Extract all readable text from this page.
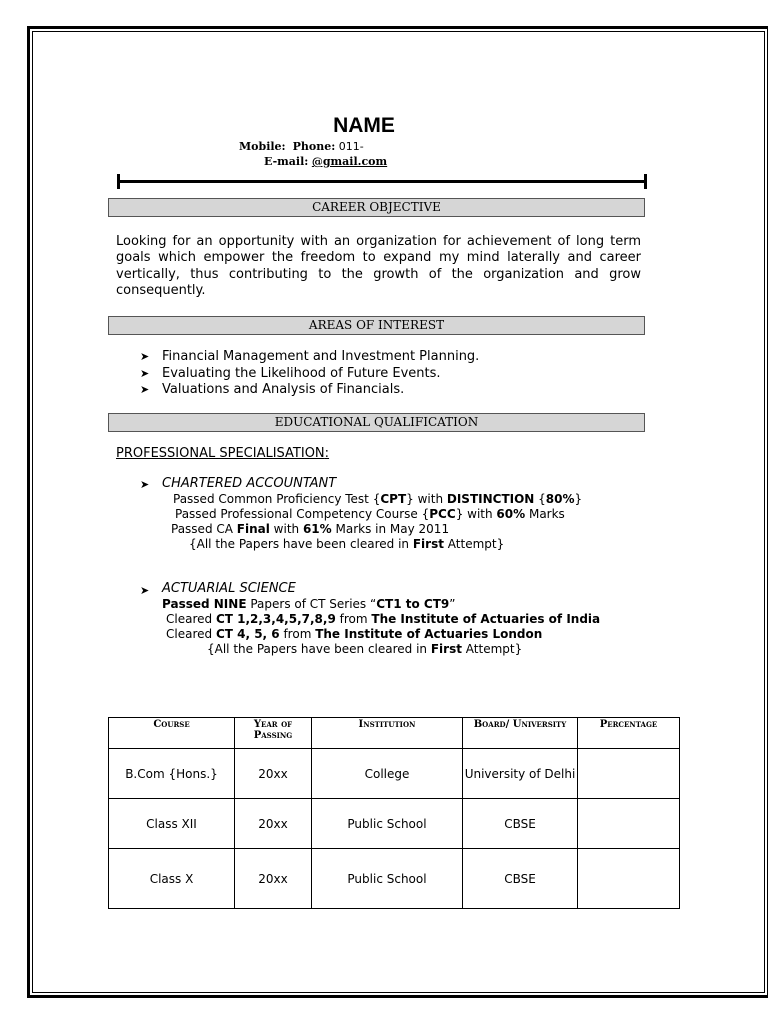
NAME
Mobile: Phone: 011-
E-mail: @gmail.com
CAREER OBJECTIVE
Looking for an opportunity with an organization for achievement of long term goals which empower the freedom to expand my mind laterally and career vertically, thus contributing to the growth of the organization and grow consequently.
AREAS OF INTEREST
➤ Financial Management and Investment Planning.
➤ Evaluating the Likelihood of Future Events.
➤ Valuations and Analysis of Financials.
EDUCATIONAL QUALIFICATION
PROFESSIONAL SPECIALISATION:
➤ CHARTERED ACCOUNTANT
Passed Common Proficiency Test {CPT} with DISTINCTION {80%}
Passed Professional Competency Course {PCC} with 60% Marks
Passed CA Final with 61% Marks in May 2011
{All the Papers have been cleared in First Attempt}
➤ ACTUARIAL SCIENCE
Passed NINE Papers of CT Series “CT1 to CT9”
Cleared CT 1,2,3,4,5,7,8,9 from The Institute of Actuaries of India
Cleared CT 4, 5, 6 from The Institute of Actuaries London
{All the Papers have been cleared in First Attempt}
Course	Year of Passing	Institution	Board/ University	Percentage
B.Com {Hons.}	20xx	College	University of Delhi	
Class XII	20xx	Public School	CBSE	
Class X	20xx	Public School	CBSE	
